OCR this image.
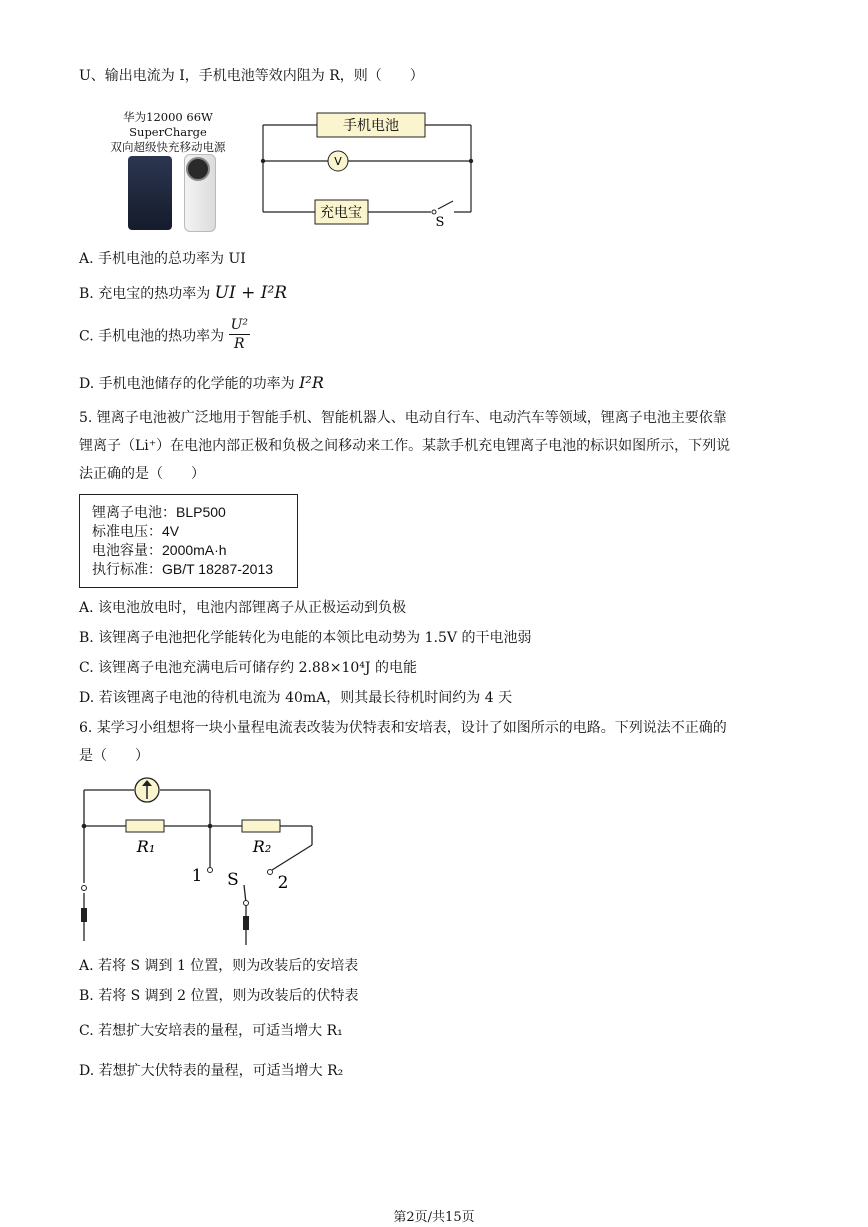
U、输出电流为 I，手机电池等效内阻为 R，则（　　）
华为12000 66W SuperCharge
双向超级快充移动电源
手机电池
V
充电宝
S
A. 手机电池的总功率为 UI
B. 充电宝的热功率为 UI + I²R
C. 手机电池的热功率为 $\frac{\text{U²}}{R}$
D. 手机电池储存的化学能的功率为 I²R
5. 锂离子电池被广泛地用于智能手机、智能机器人、电动自行车、电动汽车等领域，锂离子电池主要依靠
锂离子（Li⁺）在电池内部正极和负极之间移动来工作。某款手机充电锂离子电池的标识如图所示，下列说
法正确的是（　　）
锂离子电池：BLP500
标准电压：4V
电池容量：2000mA·h
执行标准：GB/T 18287-2013
A. 该电池放电时，电池内部锂离子从正极运动到负极
B. 该锂离子电池把化学能转化为电能的本领比电动势为 1.5V 的干电池弱
C. 该锂离子电池充满电后可储存约 2.88×10⁴J 的电能
D. 若该锂离子电池的待机电流为 40mA，则其最长待机时间约为 4 天
6. 某学习小组想将一块小量程电流表改装为伏特表和安培表，设计了如图所示的电路。下列说法不正确的
是（　　）
R₁	R₂
1	2
S
A. 若将 S 调到 1 位置，则为改装后的安培表
B. 若将 S 调到 2 位置，则为改装后的伏特表
C. 若想扩大安培表的量程，可适当增大 R₁
D. 若想扩大伏特表的量程，可适当增大 R₂
第2页/共15页
